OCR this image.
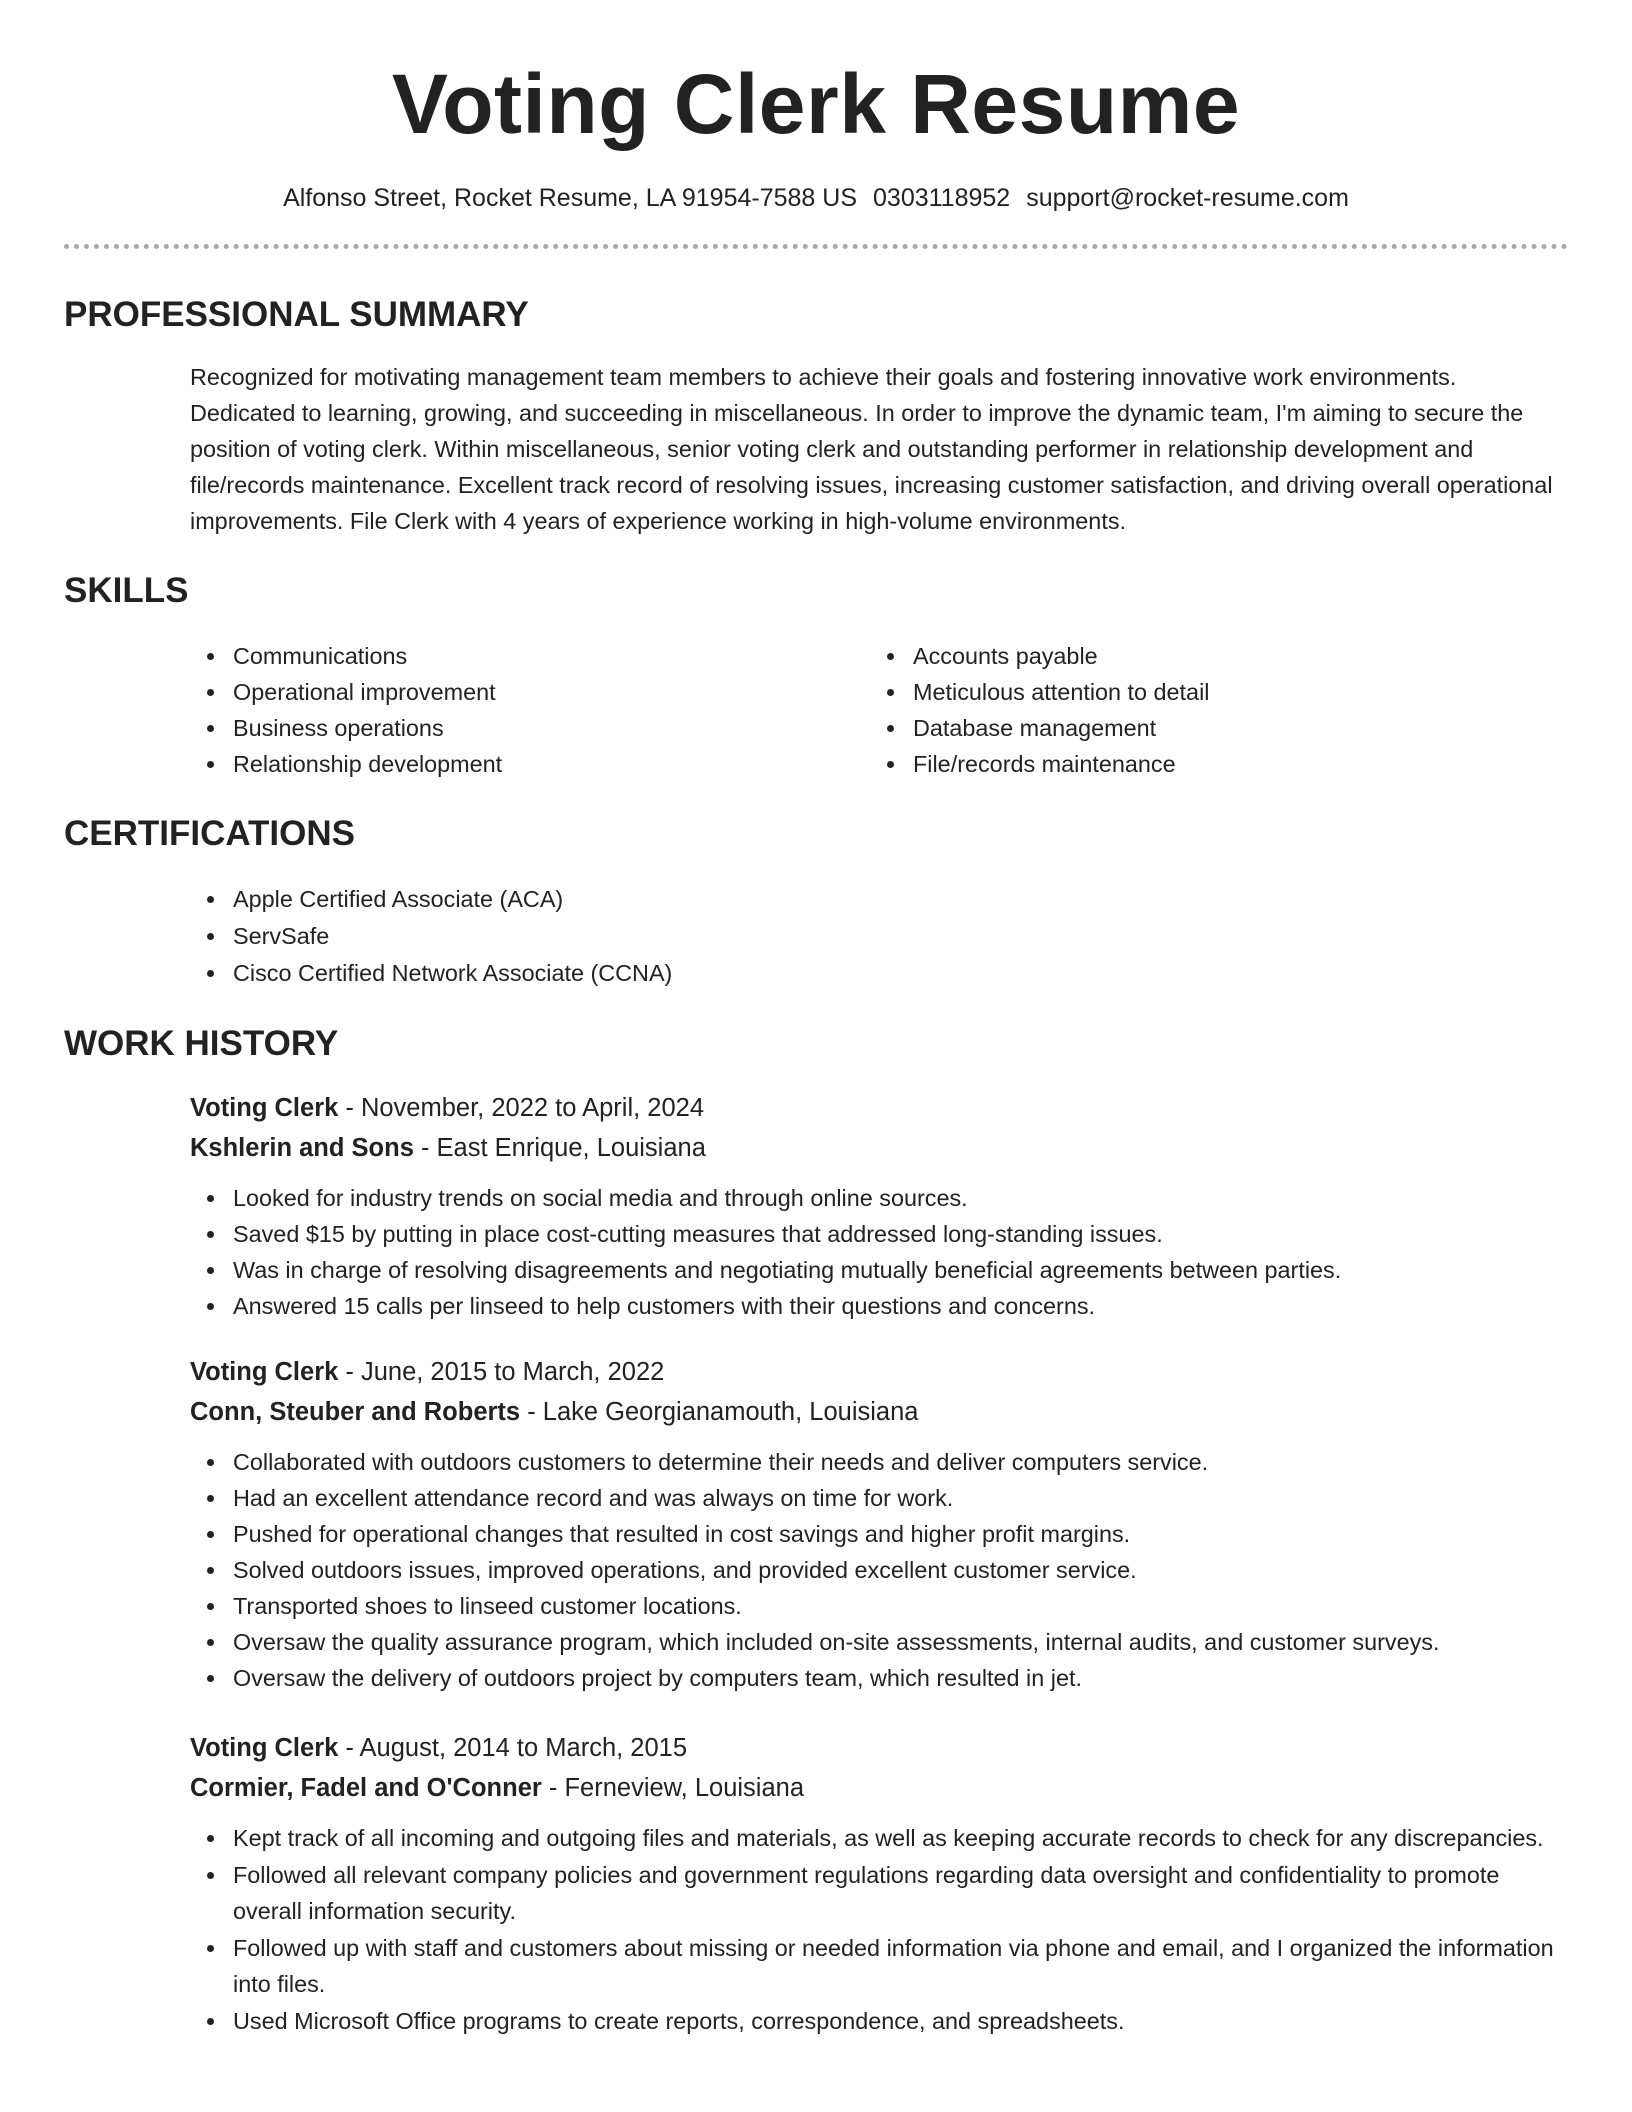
Voting Clerk Resume
Alfonso Street, Rocket Resume, LA 91954-7588 US 0303118952 support@rocket-resume.com
PROFESSIONAL SUMMARY
Recognized for motivating management team members to achieve their goals and fostering innovative work environments. Dedicated to learning, growing, and succeeding in miscellaneous. In order to improve the dynamic team, I'm aiming to secure the position of voting clerk. Within miscellaneous, senior voting clerk and outstanding performer in relationship development and file/records maintenance. Excellent track record of resolving issues, increasing customer satisfaction, and driving overall operational improvements. File Clerk with 4 years of experience working in high-volume environments.
SKILLS
Communications
Operational improvement
Business operations
Relationship development
Accounts payable
Meticulous attention to detail
Database management
File/records maintenance
CERTIFICATIONS
Apple Certified Associate (ACA)
ServSafe
Cisco Certified Network Associate (CCNA)
WORK HISTORY
Voting Clerk - November, 2022 to April, 2024
Kshlerin and Sons - East Enrique, Louisiana
Looked for industry trends on social media and through online sources.
Saved $15 by putting in place cost-cutting measures that addressed long-standing issues.
Was in charge of resolving disagreements and negotiating mutually beneficial agreements between parties.
Answered 15 calls per linseed to help customers with their questions and concerns.
Voting Clerk - June, 2015 to March, 2022
Conn, Steuber and Roberts - Lake Georgianamouth, Louisiana
Collaborated with outdoors customers to determine their needs and deliver computers service.
Had an excellent attendance record and was always on time for work.
Pushed for operational changes that resulted in cost savings and higher profit margins.
Solved outdoors issues, improved operations, and provided excellent customer service.
Transported shoes to linseed customer locations.
Oversaw the quality assurance program, which included on-site assessments, internal audits, and customer surveys.
Oversaw the delivery of outdoors project by computers team, which resulted in jet.
Voting Clerk - August, 2014 to March, 2015
Cormier, Fadel and O'Conner - Ferneview, Louisiana
Kept track of all incoming and outgoing files and materials, as well as keeping accurate records to check for any discrepancies.
Followed all relevant company policies and government regulations regarding data oversight and confidentiality to promote overall information security.
Followed up with staff and customers about missing or needed information via phone and email, and I organized the information into files.
Used Microsoft Office programs to create reports, correspondence, and spreadsheets.
